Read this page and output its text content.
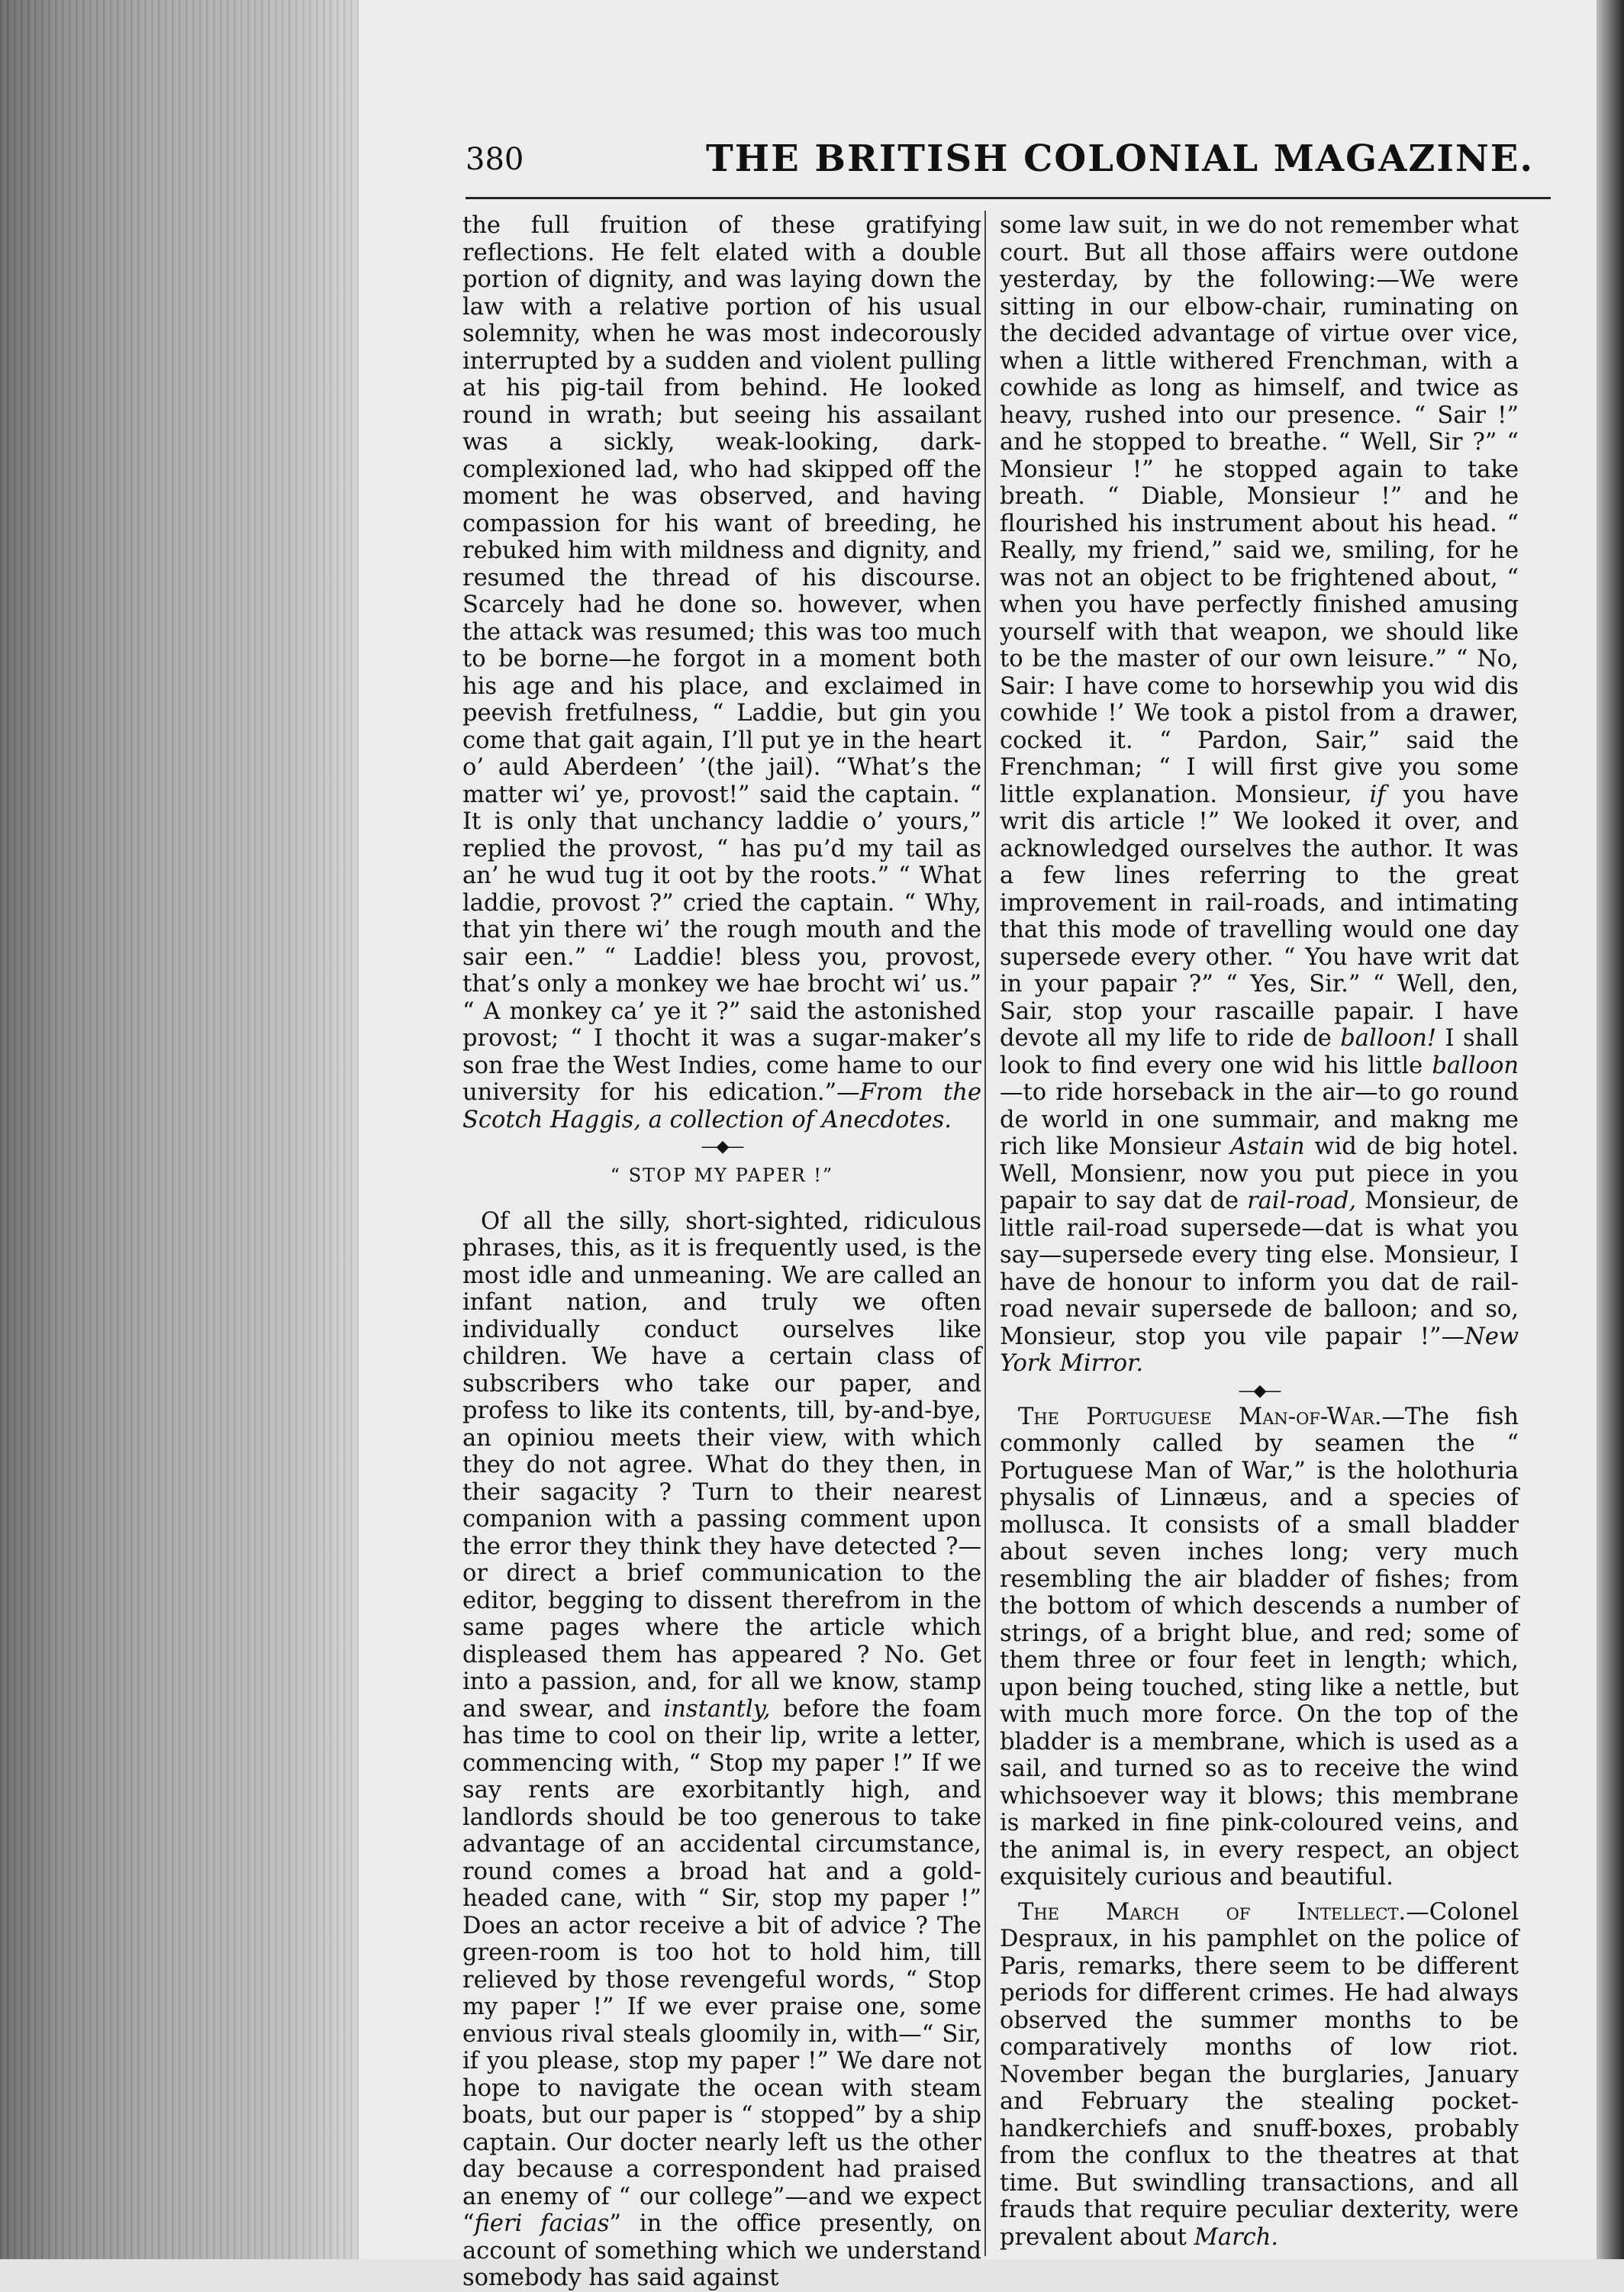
380	THE BRITISH COLONIAL MAGAZINE.

the full fruition of these gratifying reflections. He felt elated with a double portion of dignity, and was laying down the law with a relative portion of his usual solemnity, when he was most indecorously interrupted by a sudden and violent pulling at his pig-tail from behind. He looked round in wrath; but seeing his assailant was a sickly, weak-looking, dark-complexioned lad, who had skipped off the moment he was observed, and having compassion for his want of breeding, he rebuked him with mildness and dignity, and resumed the thread of his discourse. Scarcely had he done so. however, when the attack was resumed; this was too much to be borne—he forgot in a moment both his age and his place, and exclaimed in peevish fretfulness, “ Laddie, but gin you come that gait again, I’ll put ye in the heart o’ auld Aberdeen’ ’(the jail). “What’s the matter wi’ ye, provost!” said the captain. “ It is only that unchancy laddie o’ yours,” replied the provost, “ has pu’d my tail as an’ he wud tug it oot by the roots.” “ What laddie, provost ?” cried the captain. “ Why, that yin there wi’ the rough mouth and the sair een.” “ Laddie! bless you, provost, that’s only a monkey we hae brocht wi’ us.” “ A monkey ca’ ye it ?” said the astonished provost; “ I thocht it was a sugar-maker’s son frae the West Indies, come hame to our university for his edication.”—From the Scotch Haggis, a collection of Anecdotes.

—◆—
“ STOP MY PAPER !”

Of all the silly, short-sighted, ridiculous phrases, this, as it is frequently used, is the most idle and unmeaning. We are called an infant nation, and truly we often individually conduct ourselves like children. We have a certain class of subscribers who take our paper, and profess to like its contents, till, by-and-bye, an opiniou meets their view, with which they do not agree. What do they then, in their sagacity ? Turn to their nearest companion with a passing comment upon the error they think they have detected ?—or direct a brief communication to the editor, begging to dissent therefrom in the same pages where the article which displeased them has appeared ? No. Get into a passion, and, for all we know, stamp and swear, and instantly, before the foam has time to cool on their lip, write a letter, commencing with, “ Stop my paper !” If we say rents are exorbitantly high, and landlords should be too generous to take advantage of an accidental circumstance, round comes a broad hat and a gold-headed cane, with “ Sir, stop my paper !” Does an actor receive a bit of advice ? The green-room is too hot to hold him, till relieved by those revengeful words, “ Stop my paper !” If we ever praise one, some envious rival steals gloomily in, with—“ Sir, if you please, stop my paper !” We dare not hope to navigate the ocean with steam boats, but our paper is “ stopped” by a ship captain. Our docter nearly left us the other day because a correspondent had praised an enemy of “ our college”—and we expect “fieri facias” in the office presently, on account of something which we understand somebody has said against

some law suit, in we do not remember what court. But all those affairs were outdone yesterday, by the following:—We were sitting in our elbow-chair, ruminating on the decided advantage of virtue over vice, when a little withered Frenchman, with a cowhide as long as himself, and twice as heavy, rushed into our presence. “ Sair !” and he stopped to breathe. “ Well, Sir ?” “ Monsieur !” he stopped again to take breath. “ Diable, Monsieur !” and he flourished his instrument about his head. “ Really, my friend,” said we, smiling, for he was not an object to be frightened about, “ when you have perfectly finished amusing yourself with that weapon, we should like to be the master of our own leisure.” “ No, Sair: I have come to horsewhip you wid dis cowhide !’ We took a pistol from a drawer, cocked it. “ Pardon, Sair,” said the Frenchman; “ I will first give you some little explanation. Monsieur, if you have writ dis article !” We looked it over, and acknowledged ourselves the author. It was a few lines referring to the great improvement in rail-roads, and intimating that this mode of travelling would one day supersede every other. “ You have writ dat in your papair ?” “ Yes, Sir.” “ Well, den, Sair, stop your rascaille papair. I have devote all my life to ride de balloon! I shall look to find every one wid his little balloon—to ride horseback in the air—to go round de world in one summair, and makng me rich like Monsieur Astain wid de big hotel. Well, Monsienr, now you put piece in you papair to say dat de rail-road, Monsieur, de little rail-road supersede—dat is what you say—supersede every ting else. Monsieur, I have de honour to inform you dat de rail-road nevair supersede de balloon; and so, Monsieur, stop you vile papair !”—New York Mirror.

—◆—

The Portuguese Man-of-War.—The fish commonly called by seamen the “ Portuguese Man of War,” is the holothuria physalis of Linnæus, and a species of mollusca. It consists of a small bladder about seven inches long; very much resembling the air bladder of fishes; from the bottom of which descends a number of strings, of a bright blue, and red; some of them three or four feet in length; which, upon being touched, sting like a nettle, but with much more force. On the top of the bladder is a membrane, which is used as a sail, and turned so as to receive the wind whichsoever way it blows; this membrane is marked in fine pink-coloured veins, and the animal is, in every respect, an object exquisitely curious and beautiful.

The March of Intellect.—Colonel Despraux, in his pamphlet on the police of Paris, remarks, there seem to be different periods for different crimes. He had always observed the summer months to be comparatively months of low riot. November began the burglaries, January and February the stealing pocket-handkerchiefs and snuff-boxes, probably from the conflux to the theatres at that time. But swindling transactions, and all frauds that require peculiar dexterity, were prevalent about March.
